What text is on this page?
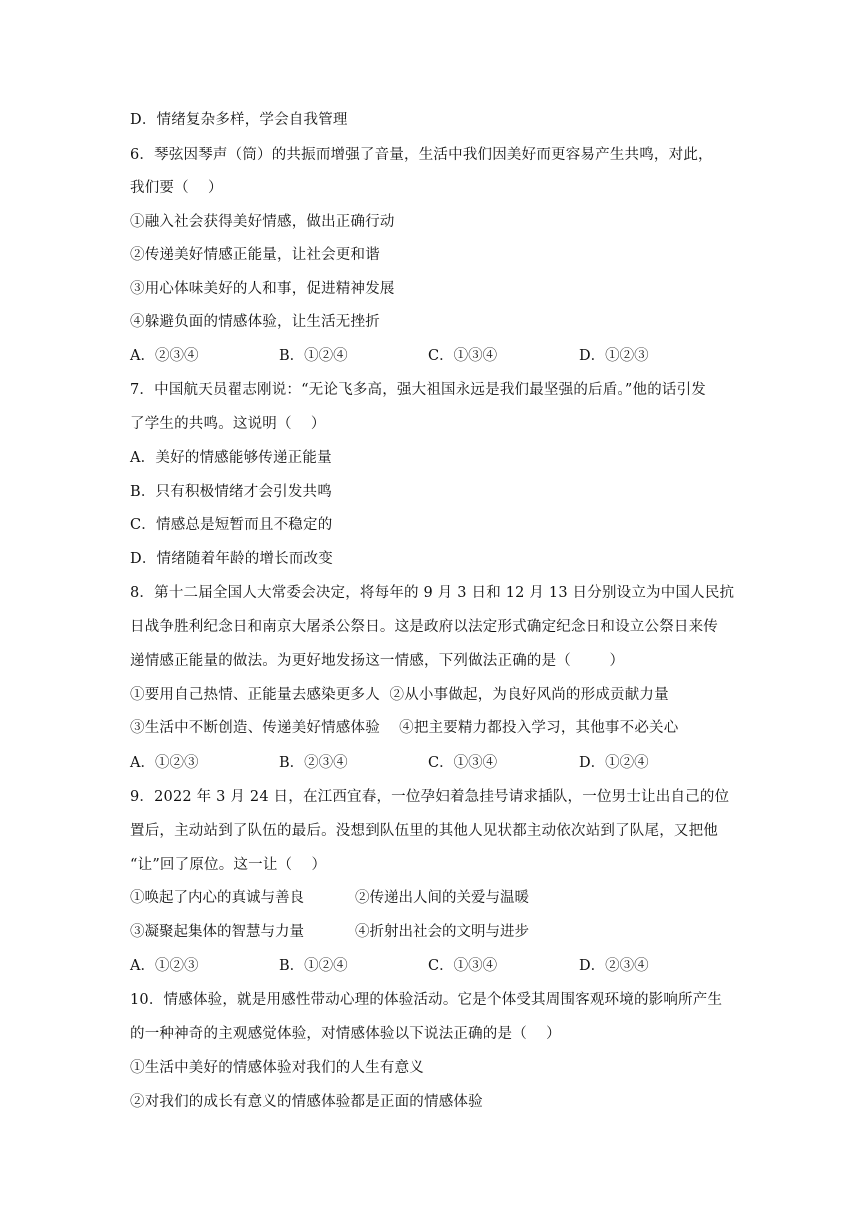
D．情绪复杂多样，学会自我管理
6．琴弦因琴声（筒）的共振而增强了音量，生活中我们因美好而更容易产生共鸣，对此，
我们要（    ）
①融入社会获得美好情感，做出正确行动
②传递美好情感正能量，让社会更和谐
③用心体味美好的人和事，促进精神发展
④躲避负面的情感体验，让生活无挫折
A．②③④	B．①②④	C．①③④	D．①②③
7．中国航天员翟志刚说：“无论飞多高，强大祖国永远是我们最坚强的后盾。”他的话引发
了学生的共鸣。这说明（    ）
A．美好的情感能够传递正能量
B．只有积极情绪才会引发共鸣
C．情感总是短暂而且不稳定的
D．情绪随着年龄的增长而改变
8．第十二届全国人大常委会决定，将每年的 9 月 3 日和 12 月 13 日分别设立为中国人民抗
日战争胜利纪念日和南京大屠杀公祭日。这是政府以法定形式确定纪念日和设立公祭日来传
递情感正能量的做法。为更好地发扬这一情感，下列做法正确的是（        ）
①要用自己热情、正能量去感染更多人  ②从小事做起，为良好风尚的形成贡献力量
③生活中不断创造、传递美好情感体验    ④把主要精力都投入学习，其他事不必关心
A．①②③	B．②③④	C．①③④	D．①②④
9．2022 年 3 月 24 日，在江西宜春，一位孕妇着急挂号请求插队，一位男士让出自己的位
置后，主动站到了队伍的最后。没想到队伍里的其他人见状都主动依次站到了队尾，又把他
“让”回了原位。这一让（    ）
①唤起了内心的真诚与善良	②传递出人间的关爱与温暖
③凝聚起集体的智慧与力量	④折射出社会的文明与进步
A．①②③	B．①②④	C．①③④	D．②③④
10．情感体验，就是用感性带动心理的体验活动。它是个体受其周围客观环境的影响所产生
的一种神奇的主观感觉体验，对情感体验以下说法正确的是（    ）
①生活中美好的情感体验对我们的人生有意义
②对我们的成长有意义的情感体验都是正面的情感体验
